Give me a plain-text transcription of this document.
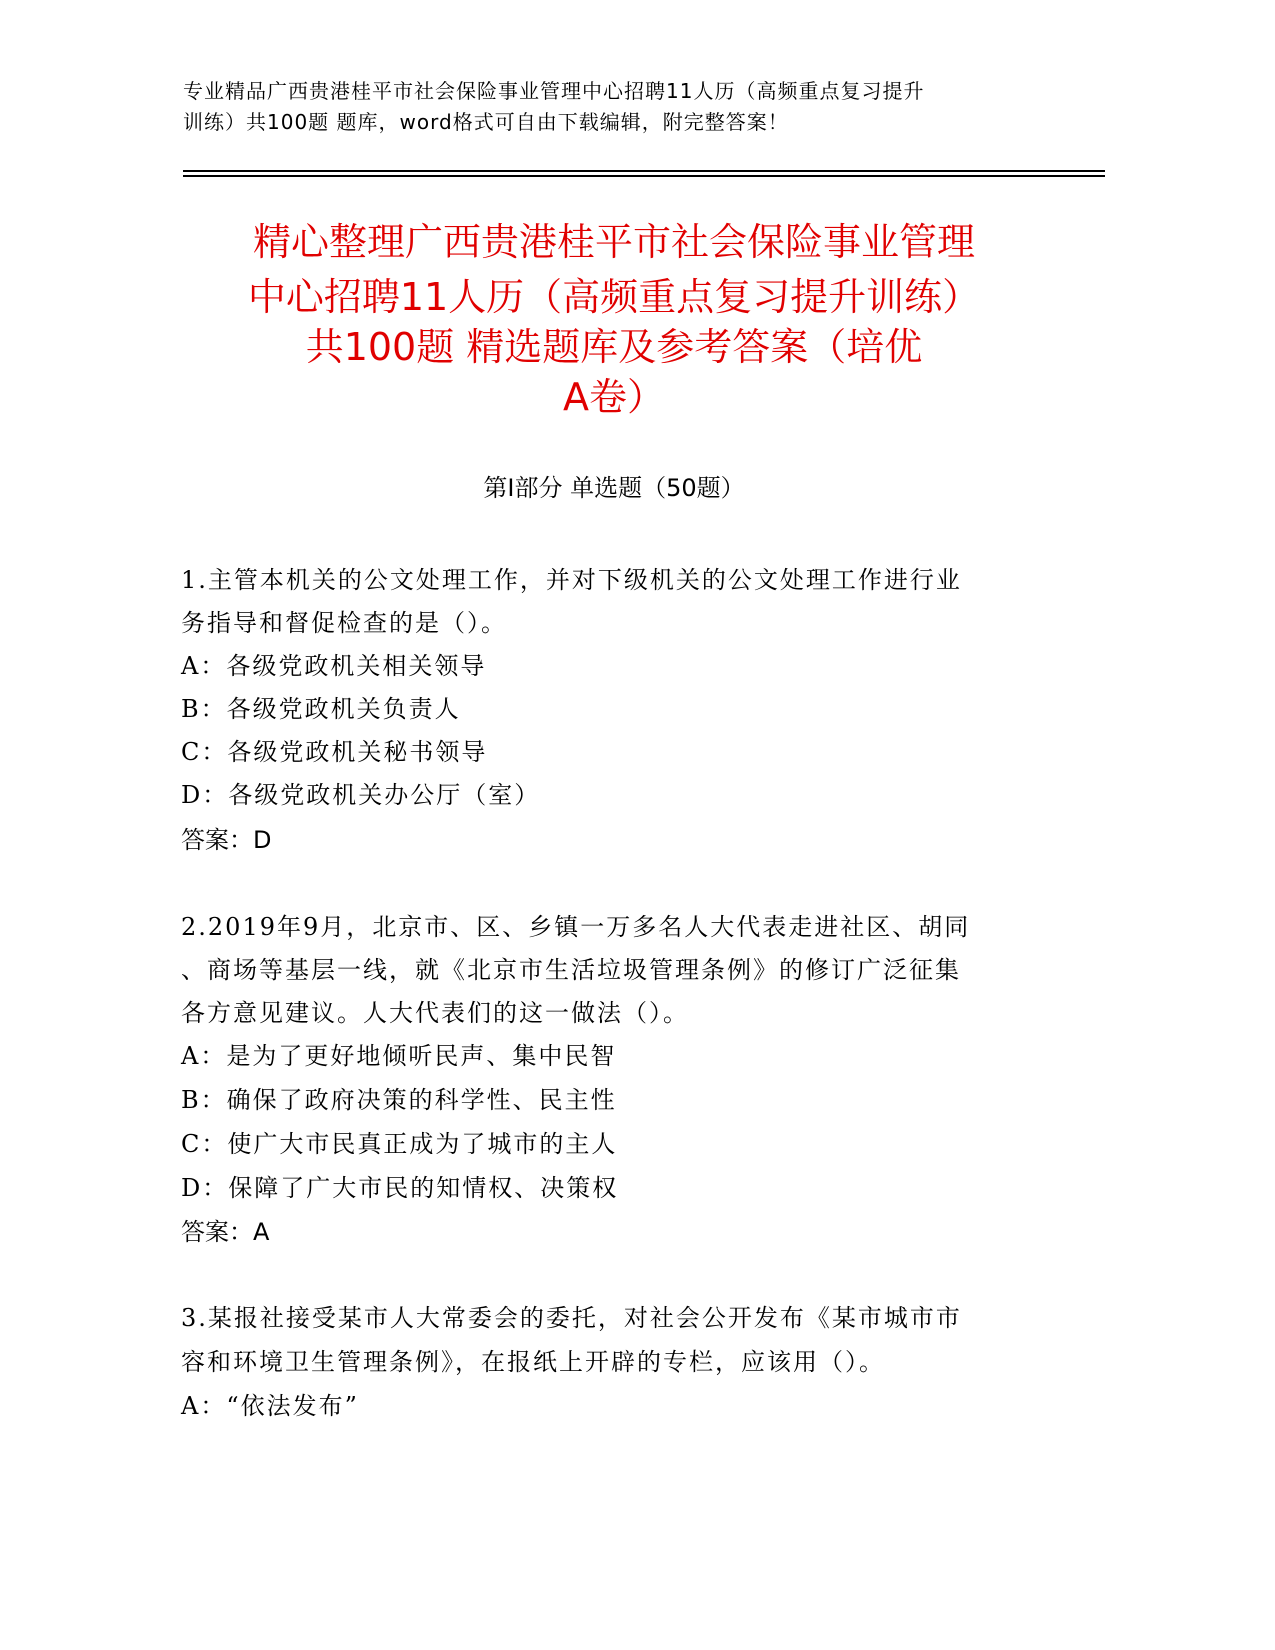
专业精品广西贵港桂平市社会保险事业管理中心招聘11人历（高频重点复习提升
训练）共100题 题库，word格式可自由下载编辑，附完整答案！
精心整理广西贵港桂平市社会保险事业管理
中心招聘11人历（高频重点复习提升训练）
共100题 精选题库及参考答案（培优
A卷）
第Ⅰ部分 单选题（50题）
1.主管本机关的公文处理工作，并对下级机关的公文处理工作进行业
务指导和督促检查的是（）。
A：各级党政机关相关领导
B：各级党政机关负责人
C：各级党政机关秘书领导
D：各级党政机关办公厅（室）
答案：D
2.2019年9月，北京市、区、乡镇一万多名人大代表走进社区、胡同
、商场等基层一线，就《北京市生活垃圾管理条例》的修订广泛征集
各方意见建议。人大代表们的这一做法（）。
A：是为了更好地倾听民声、集中民智
B：确保了政府决策的科学性、民主性
C：使广大市民真正成为了城市的主人
D：保障了广大市民的知情权、决策权
答案：A
3.某报社接受某市人大常委会的委托，对社会公开发布《某市城市市
容和环境卫生管理条例》，在报纸上开辟的专栏，应该用（）。
A：“依法发布”
